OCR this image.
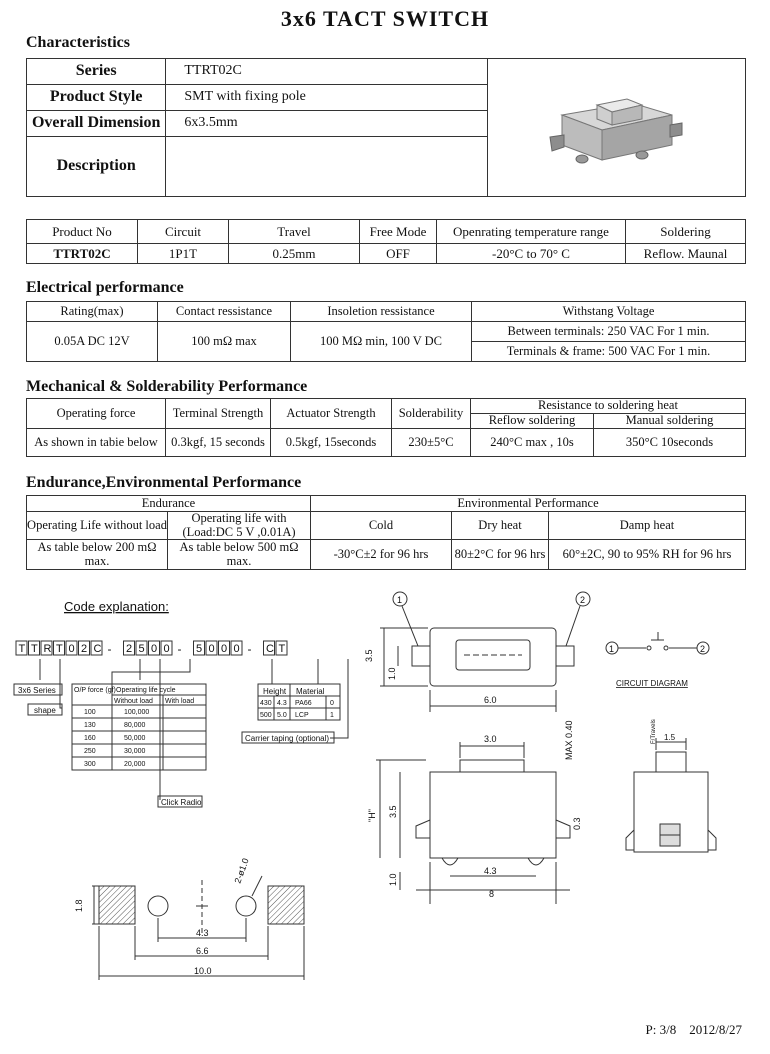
3x6 TACT SWITCH
Characteristics
Series	TTRT02C	
Product Style	SMT with fixing pole	
Overall Dimension	6x3.5mm	
Description		
Product No	Circuit	Travel	Free Mode	Openrating temperature range	Soldering
TTRT02C	1P1T	0.25mm	OFF	-20°C to 70° C	Reflow. Maunal
Electrical performance
Rating(max)	Contact ressistance	Insoletion ressistance	Withstang Voltage
0.05A DC 12V	100 mΩ max	100 MΩ min, 100 V DC	Between terminals: 250 VAC For 1 min.
			Terminals & frame: 500 VAC For 1 min.
Mechanical & Solderability Performance
Operating force	Terminal Strength	Actuator Strength	Solderability	Resistance to soldering heat	
				Reflow soldering	Manual soldering
As shown in tabie below	0.3kgf, 15 seconds	0.5kgf, 15seconds	230±5°C	240°C max , 10s	350°C 10seconds
Endurance,Environmental Performance
Endurance		Environmental Performance		
Operating Life without load	Operating life with (Load:DC 5 V ,0.01A)	Cold	Dry heat	Damp heat
As table below 200 mΩ max.	As table below 500 mΩ max.	-30°C±2 for 96 hrs	80±2°C for 96 hrs	60°±2C, 90 to 95% RH for 96 hrs
Code explanation:
T T R T 0 2 C - 2 5 0 0 - 5 0 0 0 - C T
3x6 Series
shape
Click Radio
O/P force (gf) Operating life cycle
Without load With load
100	100,000
130	80,000
160	50,000
250	30,000
300	20,000
Height Material
430 4.3 PA66	0
500 5.0 LCP	1
Carrier taping (optional)
1	2
3.5
1.0
6.0
1	2
CIRCUIT DIAGRAM
3.0	MAX 0.40
"H" 3.5
0.3
4.3
1.0
8
1.5
F/Travels
1.8
2-ø1.0
4.3
6.6
10.0
P: 3/8 2012/8/27
